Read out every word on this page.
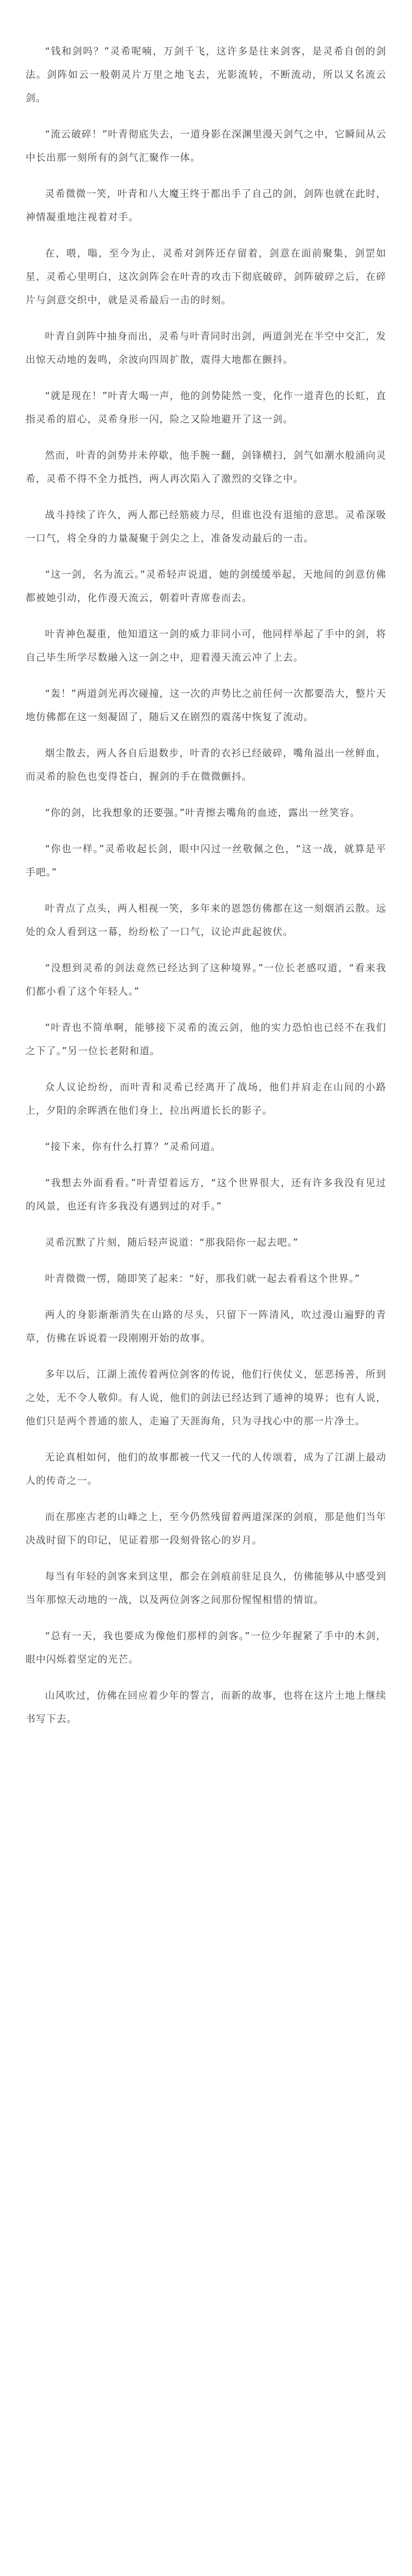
“钱和剑吗？”灵希呢喃，万剑千飞，这许多是往来剑客，是灵希自创的剑法。剑阵如云一般朝灵片万里之地飞去，光影流转，不断流动，所以又名流云剑。

“流云破碎！”叶青彻底失去，一道身影在深渊里漫天剑气之中，它瞬间从云中长出那一刻所有的剑气汇聚作一体。

灵希微微一笑，叶青和八大魔王终于都出手了自己的剑，剑阵也就在此时，神情凝重地注视着对手。

在，喂，嗡，至今为止，灵希对剑阵还存留着，剑意在面前聚集，剑罡如星，灵希心里明白，这次剑阵会在叶青的攻击下彻底破碎，剑阵破碎之后，在碎片与剑意交织中，就是灵希最后一击的时刻。

叶青自剑阵中抽身而出，灵希与叶青同时出剑，两道剑光在半空中交汇，发出惊天动地的轰鸣，余波向四周扩散，震得大地都在颤抖。

“就是现在！”叶青大喝一声，他的剑势陡然一变，化作一道青色的长虹，直指灵希的眉心，灵希身形一闪，险之又险地避开了这一剑。

然而，叶青的剑势并未停歇，他手腕一翻，剑锋横扫，剑气如潮水般涌向灵希，灵希不得不全力抵挡，两人再次陷入了激烈的交锋之中。

战斗持续了许久，两人都已经筋疲力尽，但谁也没有退缩的意思。灵希深吸一口气，将全身的力量凝聚于剑尖之上，准备发动最后的一击。

“这一剑，名为流云。”灵希轻声说道，她的剑缓缓举起，天地间的剑意仿佛都被她引动，化作漫天流云，朝着叶青席卷而去。

叶青神色凝重，他知道这一剑的威力非同小可，他同样举起了手中的剑，将自己毕生所学尽数融入这一剑之中，迎着漫天流云冲了上去。

“轰！”两道剑光再次碰撞，这一次的声势比之前任何一次都要浩大，整片天地仿佛都在这一刻凝固了，随后又在剧烈的震荡中恢复了流动。

烟尘散去，两人各自后退数步，叶青的衣衫已经破碎，嘴角溢出一丝鲜血，而灵希的脸色也变得苍白，握剑的手在微微颤抖。

“你的剑，比我想象的还要强。”叶青擦去嘴角的血迹，露出一丝笑容。

“你也一样。”灵希收起长剑，眼中闪过一丝敬佩之色，“这一战，就算是平手吧。”

叶青点了点头，两人相视一笑，多年来的恩怨仿佛都在这一刻烟消云散。远处的众人看到这一幕，纷纷松了一口气，议论声此起彼伏。

“没想到灵希的剑法竟然已经达到了这种境界。”一位长老感叹道，“看来我们都小看了这个年轻人。”

“叶青也不简单啊，能够接下灵希的流云剑，他的实力恐怕也已经不在我们之下了。”另一位长老附和道。

众人议论纷纷，而叶青和灵希已经离开了战场，他们并肩走在山间的小路上，夕阳的余晖洒在他们身上，拉出两道长长的影子。

“接下来，你有什么打算？”灵希问道。

“我想去外面看看。”叶青望着远方，“这个世界很大，还有许多我没有见过的风景，也还有许多我没有遇到过的对手。”

灵希沉默了片刻，随后轻声说道：“那我陪你一起去吧。”

叶青微微一愣，随即笑了起来：“好，那我们就一起去看看这个世界。”

两人的身影渐渐消失在山路的尽头，只留下一阵清风，吹过漫山遍野的青草，仿佛在诉说着一段刚刚开始的故事。

多年以后，江湖上流传着两位剑客的传说，他们行侠仗义，惩恶扬善，所到之处，无不令人敬仰。有人说，他们的剑法已经达到了通神的境界；也有人说，他们只是两个普通的旅人，走遍了天涯海角，只为寻找心中的那一片净土。

无论真相如何，他们的故事都被一代又一代的人传颂着，成为了江湖上最动人的传奇之一。

而在那座古老的山峰之上，至今仍然残留着两道深深的剑痕，那是他们当年决战时留下的印记，见证着那一段刻骨铭心的岁月。

每当有年轻的剑客来到这里，都会在剑痕前驻足良久，仿佛能够从中感受到当年那惊天动地的一战，以及两位剑客之间那份惺惺相惜的情谊。

“总有一天，我也要成为像他们那样的剑客。”一位少年握紧了手中的木剑，眼中闪烁着坚定的光芒。

山风吹过，仿佛在回应着少年的誓言，而新的故事，也将在这片土地上继续书写下去。
